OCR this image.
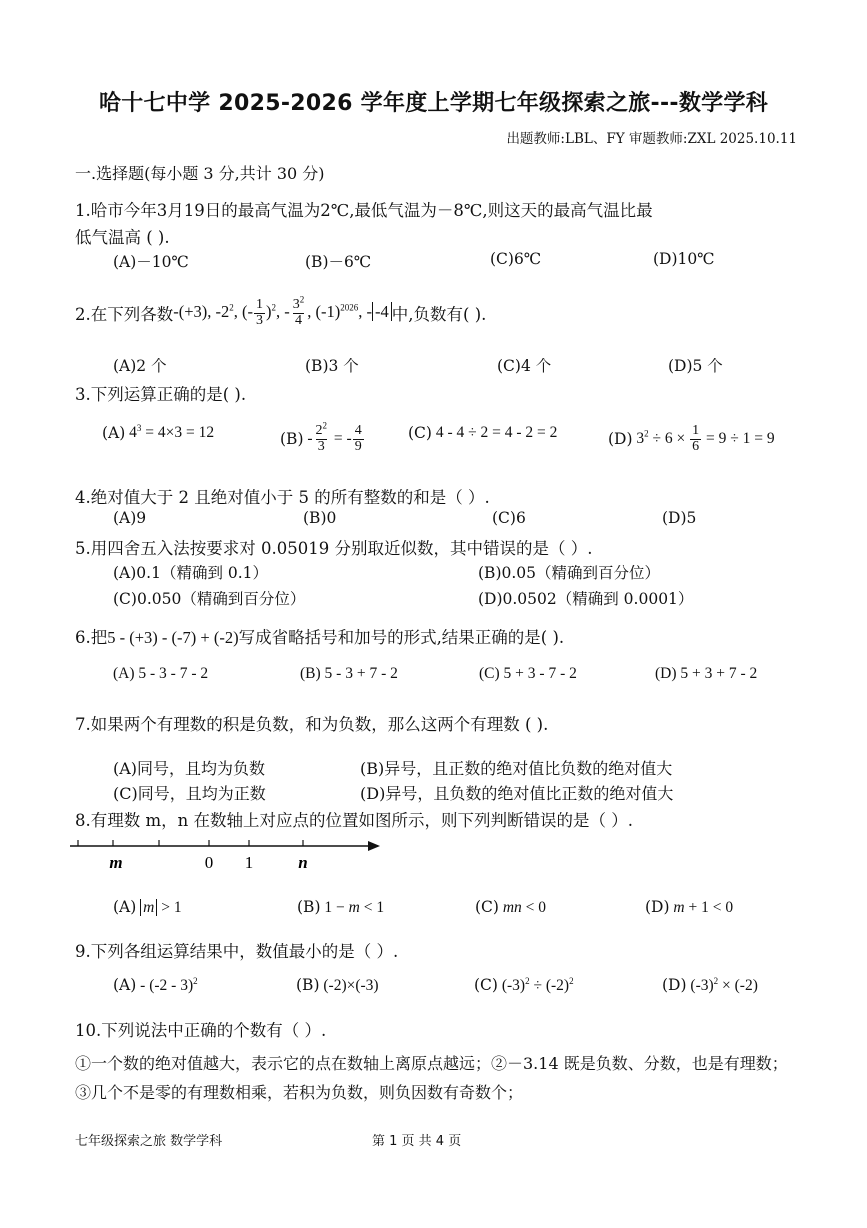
哈十七中学 2025-2026 学年度上学期七年级探索之旅---数学学科
出题教师:LBL、FY 审题教师:ZXL 2025.10.11
一.选择题(每小题 3 分,共计 30 分)
1.哈市今年3月19日的最高气温为2℃,最低气温为－8℃,则这天的最高气温比最
低气温高 ( ).
(A)－10℃	(B)－6℃	(C)6℃	(D)10℃
2.在下列各数 -(+3), $-2^2$, (- $\frac{1}{3} )^2$, - $\frac{3^2}{4}$ , $(-1)^{2026}$, - -4 中,负数有( ).
(A)2 个	(B)3 个	(C)4 个	(D)5 个
3.下列运算正确的是( ).
(A) $4^3 = 4\times 3 = 12$	$(B) - \frac{2^2}{3}$ = - $\frac{4}{9}$	(C) 4 - 4 ÷ 2 = 4 - 2 = 2	(D) $3^2 \div 6 \times \frac{1}{6} = 9 \div 1 = 9$
4.绝对值大于 2 且绝对值小于 5 的所有整数的和是（ ）.
(A)9	(B)0	(C)6	(D)5
5.用四舍五入法按要求对 0.05019 分别取近似数，其中错误的是（ ）.
(A)0.1（精确到 0.1）	(B)0.05（精确到百分位）
(C)0.050（精确到百分位）	(D)0.0502（精确到 0.0001）
6.把5 - (+3) - (-7) + (-2)写成省略括号和加号的形式,结果正确的是( ).
(A) 5 - 3 - 7 - 2	(B) 5 - 3 + 7 - 2	(C) 5 + 3 - 7 - 2	(D) 5 + 3 + 7 - 2
7.如果两个有理数的积是负数，和为负数，那么这两个有理数 ( ).
(A)同号，且均为负数	(B)异号，且正数的绝对值比负数的绝对值大
(C)同号，且均为正数	(D)异号，且负数的绝对值比正数的绝对值大
8.有理数 m，n 在数轴上对应点的位置如图所示，则下列判断错误的是（ ）.
m	0 1	n
(A) m > 1	(B) 1 − m < 1	(C) mn < 0	(D) m + 1 < 0
9.下列各组运算结果中，数值最小的是（ ）.
(A) - (-2 - 3)$^2$	(B) (-2)×(-3)	(C) $(-3)^2 \div (-2)^2$	(D) $(-3)^2 \times (-2)$
10.下列说法中正确的个数有（ ）.
①一个数的绝对值越大，表示它的点在数轴上离原点越远；②－3.14 既是负数、分数，也是有理数；③几个不是零的有理数相乘，若积为负数，则负因数有奇数个；
七年级探索之旅 数学学科	第 1 页 共 4 页
